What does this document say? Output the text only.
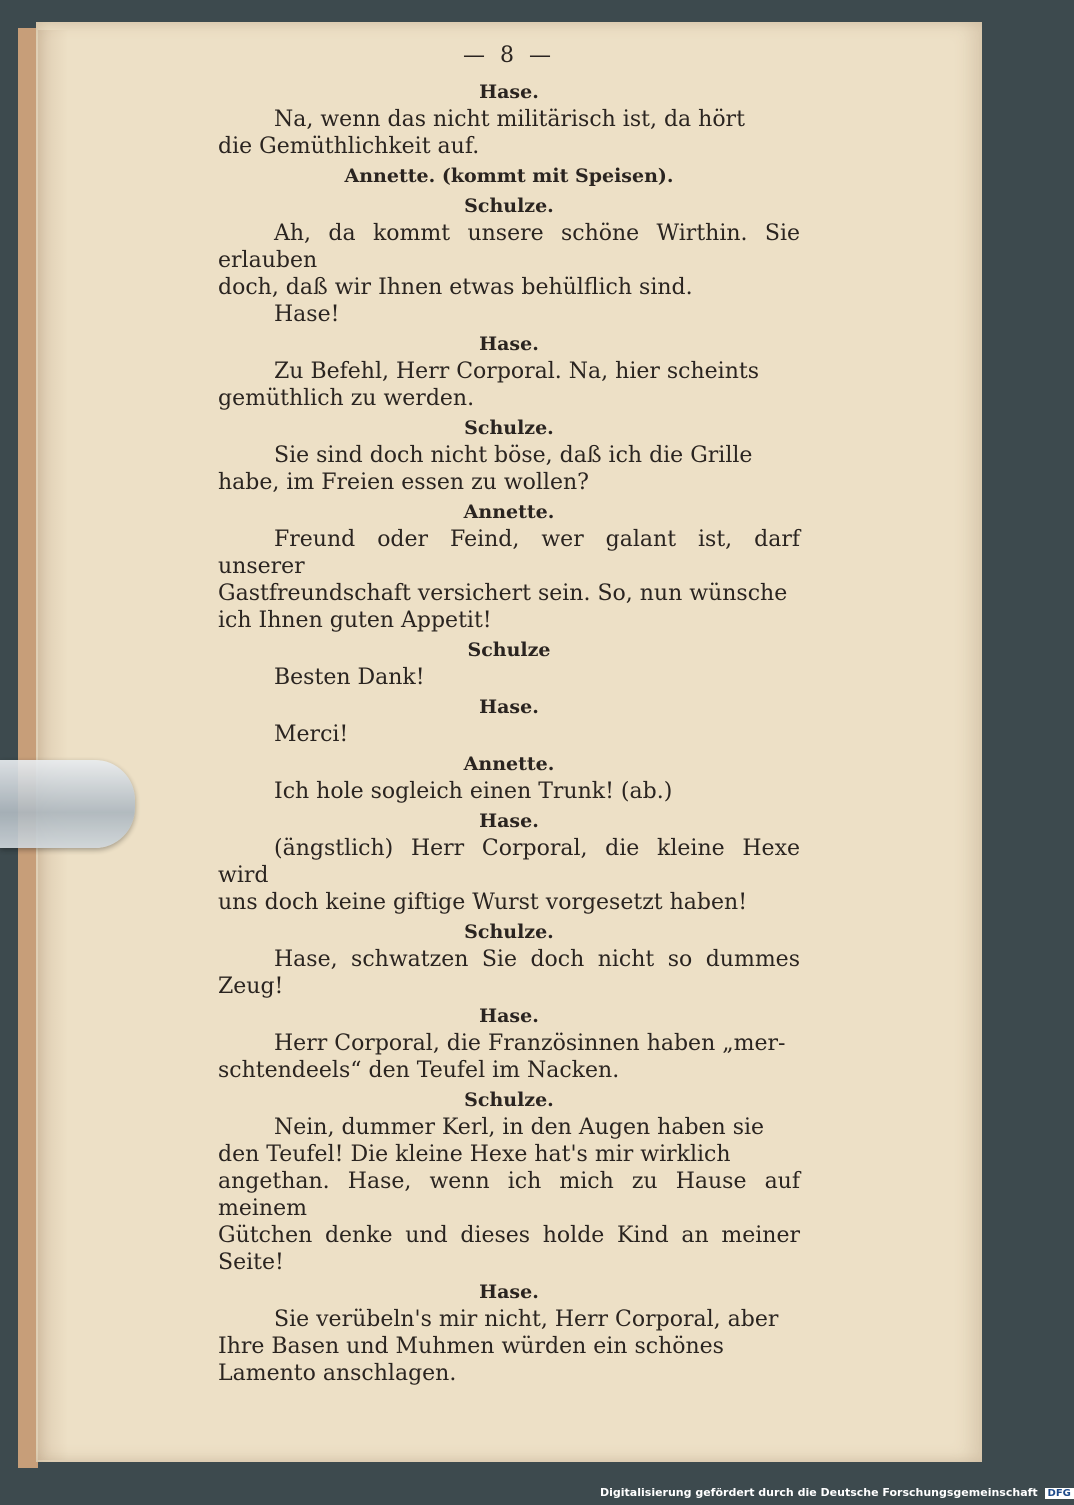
— 8 —
Hase.
Na, wenn das nicht militärisch ist, da hört
die Gemüthlichkeit auf.
Annette. (kommt mit Speisen).
Schulze.
Ah, da kommt unsere schöne Wirthin. Sie erlauben
doch, daß wir Ihnen etwas behülflich sind.
Hase!
Hase.
Zu Befehl, Herr Corporal. Na, hier scheints
gemüthlich zu werden.
Schulze.
Sie sind doch nicht böse, daß ich die Grille
habe, im Freien essen zu wollen?
Annette.
Freund oder Feind, wer galant ist, darf unserer
Gastfreundschaft versichert sein. So, nun wünsche
ich Ihnen guten Appetit!
Schulze
Besten Dank!
Hase.
Merci!
Annette.
Ich hole sogleich einen Trunk! (ab.)
Hase.
(ängstlich) Herr Corporal, die kleine Hexe wird
uns doch keine giftige Wurst vorgesetzt haben!
Schulze.
Hase, schwatzen Sie doch nicht so dummes Zeug!
Hase.
Herr Corporal, die Französinnen haben „mer-
schtendeels“ den Teufel im Nacken.
Schulze.
Nein, dummer Kerl, in den Augen haben sie
den Teufel! Die kleine Hexe hat's mir wirklich
angethan. Hase, wenn ich mich zu Hause auf meinem
Gütchen denke und dieses holde Kind an meiner Seite!
Hase.
Sie verübeln's mir nicht, Herr Corporal, aber
Ihre Basen und Muhmen würden ein schönes
Lamento anschlagen.
Digitalisierung gefördert durch die Deutsche Forschungsgemeinschaft DFG
